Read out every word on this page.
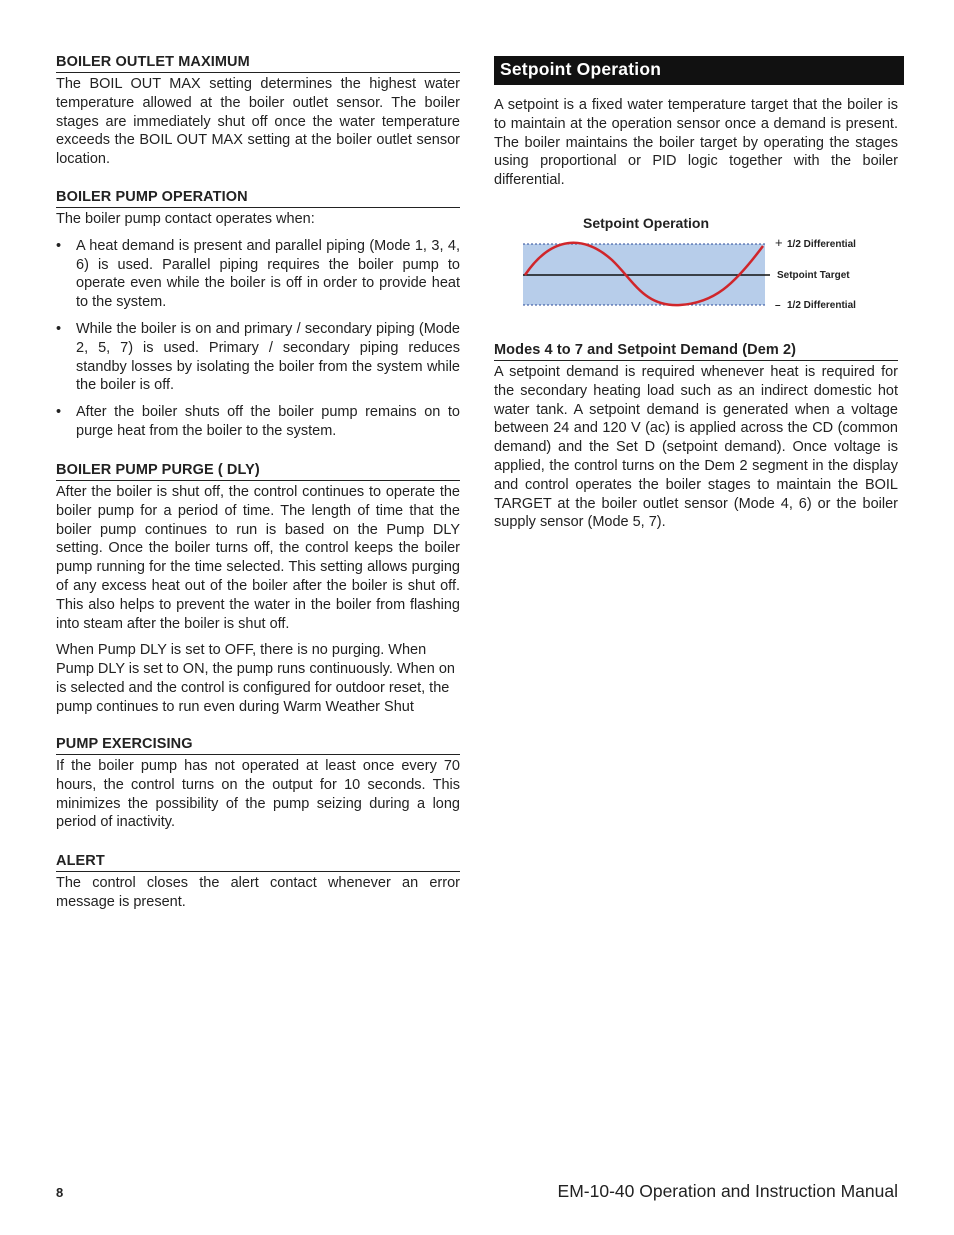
BOILER OUTLET MAXIMUM

The BOIL OUT MAX setting determines the highest water temperature allowed at the boiler outlet sensor. The boiler stages are immediately shut off once the water temperature exceeds the BOIL OUT MAX setting at the boiler outlet sensor location.

BOILER PUMP OPERATION

The boiler pump contact operates when:

• A heat demand is present and parallel piping (Mode 1, 3, 4, 6) is used. Parallel piping requires the boiler pump to operate even while the boiler is off in order to provide heat to the system.
• While the boiler is on and primary / secondary piping (Mode 2, 5, 7) is used. Primary / secondary piping reduces standby losses by isolating the boiler from the system while the boiler is off.
• After the boiler shuts off the boiler pump remains on to purge heat from the boiler to the system.
BOILER PUMP PURGE ( DLY)

After the boiler is shut off, the control continues to operate the boiler pump for a period of time. The length of time that the boiler pump continues to run is based on the Pump DLY setting. Once the boiler turns off, the control keeps the boiler pump running for the time selected. This setting allows purging of any excess heat out of the boiler after the boiler is shut off. This also helps to prevent the water in the boiler from flashing into steam after the boiler is shut off.

When Pump DLY is set to OFF, there is no purging. When Pump DLY is set to ON, the pump runs continuously. When on is selected and the control is configured for outdoor reset, the pump continues to run even during Warm Weather Shut

PUMP EXERCISING

If the boiler pump has not operated at least once every 70 hours, the control turns on the output for 10 seconds. This minimizes the possibility of the pump seizing during a long period of inactivity.

ALERT

The control closes the alert contact whenever an error message is present.

Setpoint Operation

A setpoint is a fixed water temperature target that the boiler is to maintain at the operation sensor once a demand is present. The boiler maintains the boiler target by operating the stages using proportional or PID logic together with the boiler differential.

Setpoint Operation
+ 1/2 Differential
Setpoint Target
– 1/2 Differential
Modes 4 to 7 and Setpoint Demand (Dem 2)

A setpoint demand is required whenever heat is required for the secondary heating load such as an indirect domestic hot water tank. A setpoint demand is generated when a voltage between 24 and 120 V (ac) is applied across the CD (common demand) and the Set D (setpoint demand). Once voltage is applied, the control turns on the Dem 2 segment in the display and control operates the boiler stages to maintain the BOIL TARGET at the boiler outlet sensor (Mode 4, 6) or the boiler supply sensor (Mode 5, 7).

8	EM-10-40 Operation and Instruction Manual
